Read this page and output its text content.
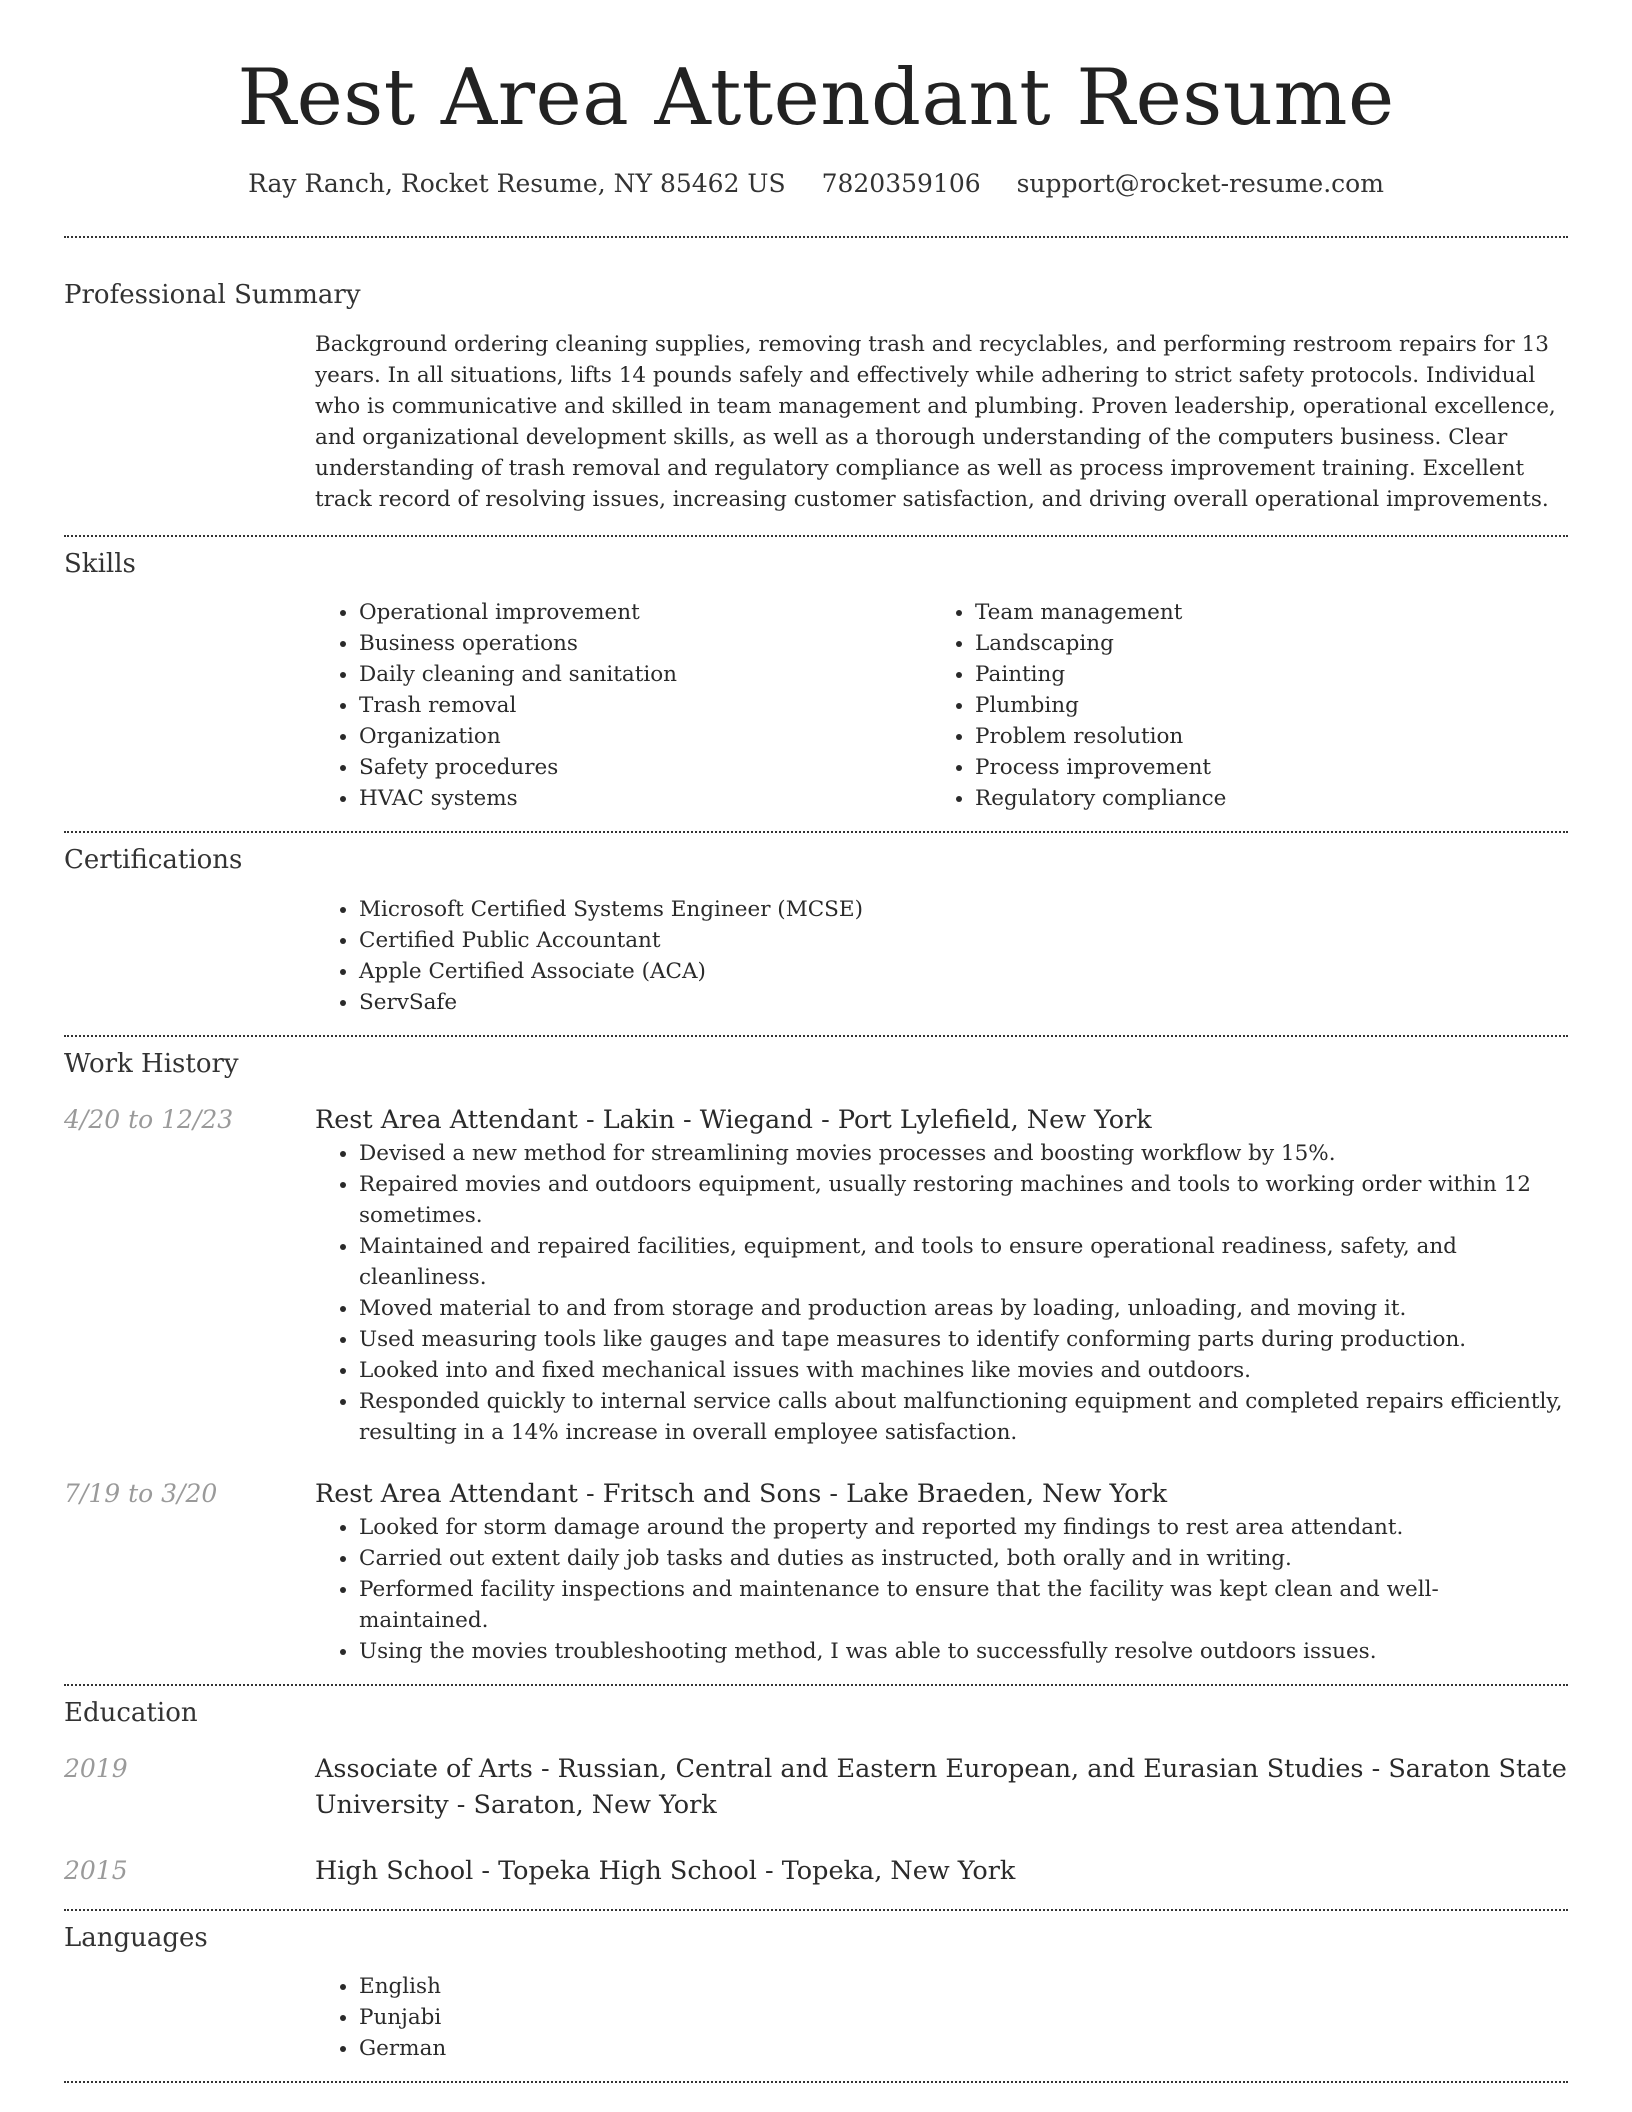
Rest Area Attendant Resume
Ray Ranch, Rocket Resume, NY 85462 US 7820359106 support@rocket-resume.com
Professional Summary
Background ordering cleaning supplies, removing trash and recyclables, and performing restroom repairs for 13 years. In all situations, lifts 14 pounds safely and effectively while adhering to strict safety protocols. Individual who is communicative and skilled in team management and plumbing. Proven leadership, operational excellence, and organizational development skills, as well as a thorough understanding of the computers business. Clear understanding of trash removal and regulatory compliance as well as process improvement training. Excellent track record of resolving issues, increasing customer satisfaction, and driving overall operational improvements.
Skills
• Operational improvement
• Business operations
• Daily cleaning and sanitation
• Trash removal
• Organization
• Safety procedures
• HVAC systems
• Team management
• Landscaping
• Painting
• Plumbing
• Problem resolution
• Process improvement
• Regulatory compliance
Certifications
• Microsoft Certified Systems Engineer (MCSE)
• Certified Public Accountant
• Apple Certified Associate (ACA)
• ServSafe
Work History
4/20 to 12/23	Rest Area Attendant - Lakin - Wiegand - Port Lylefield, New York
• Devised a new method for streamlining movies processes and boosting workflow by 15%.
• Repaired movies and outdoors equipment, usually restoring machines and tools to working order within 12 sometimes.
• Maintained and repaired facilities, equipment, and tools to ensure operational readiness, safety, and cleanliness.
• Moved material to and from storage and production areas by loading, unloading, and moving it.
• Used measuring tools like gauges and tape measures to identify conforming parts during production.
• Looked into and fixed mechanical issues with machines like movies and outdoors.
• Responded quickly to internal service calls about malfunctioning equipment and completed repairs efficiently, resulting in a 14% increase in overall employee satisfaction.
7/19 to 3/20	Rest Area Attendant - Fritsch and Sons - Lake Braeden, New York
• Looked for storm damage around the property and reported my findings to rest area attendant.
• Carried out extent daily job tasks and duties as instructed, both orally and in writing.
• Performed facility inspections and maintenance to ensure that the facility was kept clean and well-maintained.
• Using the movies troubleshooting method, I was able to successfully resolve outdoors issues.
Education
2019	Associate of Arts - Russian, Central and Eastern European, and Eurasian Studies - Saraton State University - Saraton, New York
2015	High School - Topeka High School - Topeka, New York
Languages
• English
• Punjabi
• German
